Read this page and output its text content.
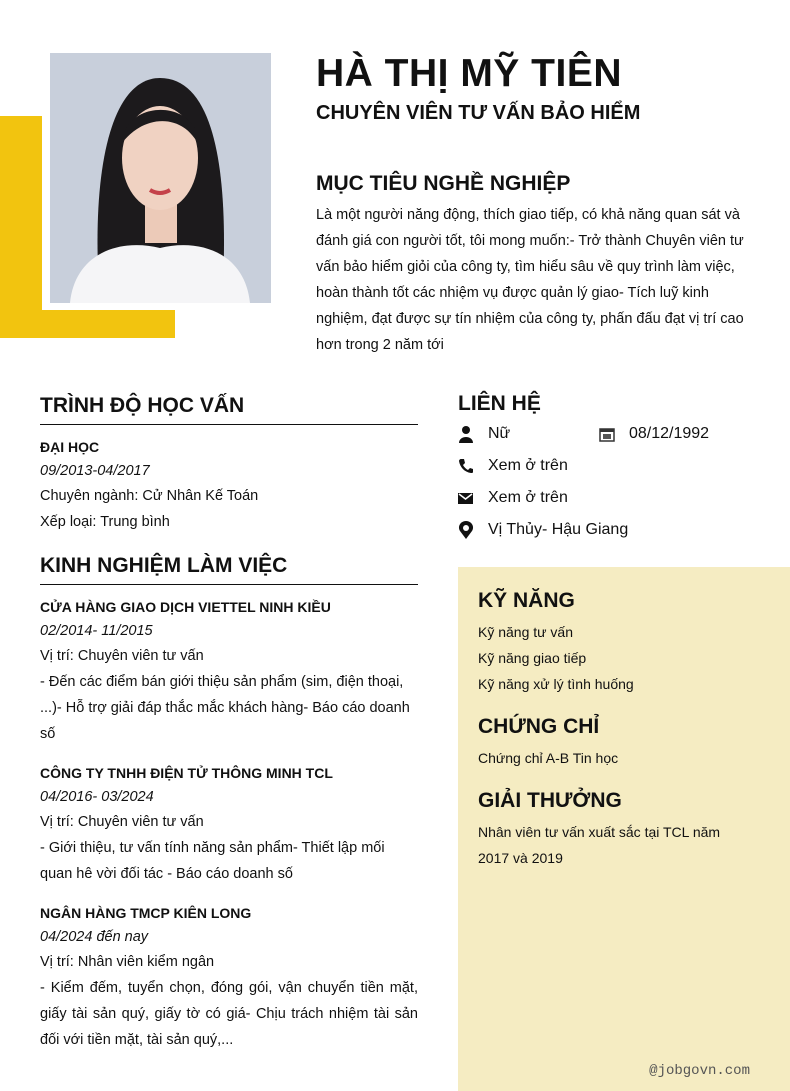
HÀ THỊ MỸ TIÊN
CHUYÊN VIÊN TƯ VẤN BẢO HIỂM
MỤC TIÊU NGHỀ NGHIỆP

Là một người năng động, thích giao tiếp, có khả năng quan sát và đánh giá con người tốt, tôi mong muốn:- Trở thành Chuyên viên tư vấn bảo hiểm giỏi của công ty, tìm hiểu sâu về quy trình làm việc, hoàn thành tốt các nhiệm vụ được quản lý giao- Tích luỹ kinh nghiệm, đạt được sự tín nhiệm của công ty, phấn đấu đạt vị trí cao hơn trong 2 năm tới

TRÌNH ĐỘ HỌC VẤN
ĐẠI HỌC
09/2013-04/2017
Chuyên ngành: Cử Nhân Kế Toán
Xếp loại: Trung bình
KINH NGHIỆM LÀM VIỆC
CỬA HÀNG GIAO DỊCH VIETTEL NINH KIỀU
02/2014- 11/2015
Vị trí: Chuyên viên tư vấn
- Đến các điểm bán giới thiệu sản phẩm (sim, điện thoại, ...)- Hỗ trợ giải đáp thắc mắc khách hàng- Báo cáo doanh số
CÔNG TY TNHH ĐIỆN TỬ THÔNG MINH TCL
04/2016- 03/2024
Vị trí: Chuyên viên tư vấn
- Giới thiệu, tư vấn tính năng sản phẩm- Thiết lập mối quan hê vời đối tác - Báo cáo doanh số
NGÂN HÀNG TMCP KIÊN LONG
04/2024 đến nay
Vị trí: Nhân viên kiểm ngân
- Kiểm đếm, tuyển chọn, đóng gói, vận chuyển tiền mặt, giấy tài sản quý, giấy tờ có giá- Chịu trách nhiệm tài sản đối với tiền mặt, tài sản quý,...
LIÊN HỆ
Nữ	08/12/1992
Xem ở trên
Xem ở trên
Vị Thủy- Hậu Giang
KỸ NĂNG
Kỹ năng tư vấn
Kỹ năng giao tiếp
Kỹ năng xử lý tình huống
CHỨNG CHỈ
Chứng chỉ A-B Tin học
GIẢI THƯỞNG
Nhân viên tư vấn xuất sắc tại TCL năm 2017 và 2019
@jobgovn.com
